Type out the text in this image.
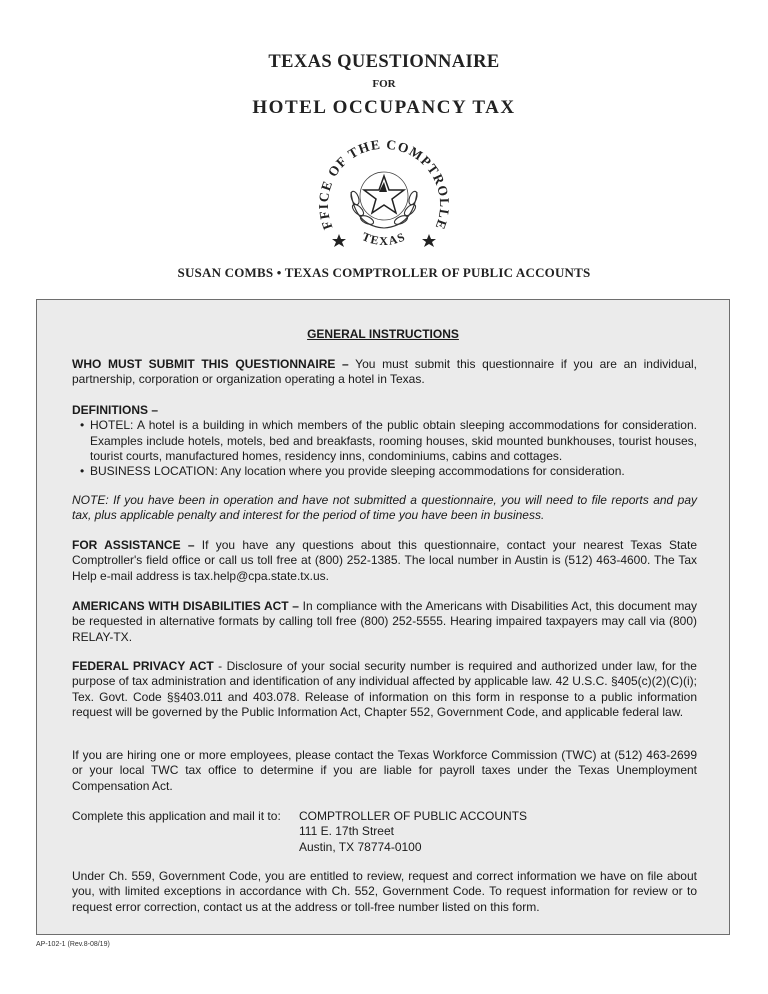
TEXAS QUESTIONNAIRE
FOR
HOTEL OCCUPANCY TAX
FFICE OF THE COMPTROLLE
TEXAS
SUSAN COMBS • TEXAS COMPTROLLER OF PUBLIC ACCOUNTS
GENERAL INSTRUCTIONS
WHO MUST SUBMIT THIS QUESTIONNAIRE – You must submit this questionnaire if you are an individual, partnership, corporation or organization operating a hotel in Texas.
DEFINITIONS –
• HOTEL: A hotel is a building in which members of the public obtain sleeping accommodations for consideration. Examples include hotels, motels, bed and breakfasts, rooming houses, skid mounted bunkhouses, tourist houses, tourist courts, manufactured homes, residency inns, condominiums, cabins and cottages.
• BUSINESS LOCATION: Any location where you provide sleeping accommodations for consideration.
NOTE: If you have been in operation and have not submitted a questionnaire, you will need to file reports and pay tax, plus applicable penalty and interest for the period of time you have been in business.
FOR ASSISTANCE – If you have any questions about this questionnaire, contact your nearest Texas State Comptroller's field office or call us toll free at (800) 252-1385. The local number in Austin is (512) 463-4600. The Tax Help e-mail address is tax.help@cpa.state.tx.us.
AMERICANS WITH DISABILITIES ACT – In compliance with the Americans with Disabilities Act, this document may be requested in alternative formats by calling toll free (800) 252-5555. Hearing impaired taxpayers may call via (800) RELAY-TX.
FEDERAL PRIVACY ACT - Disclosure of your social security number is required and authorized under law, for the purpose of tax administration and identification of any individual affected by applicable law. 42 U.S.C. §405(c)(2)(C)(i); Tex. Govt. Code §§403.011 and 403.078. Release of information on this form in response to a public information request will be governed by the Public Information Act, Chapter 552, Government Code, and applicable federal law.
If you are hiring one or more employees, please contact the Texas Workforce Commission (TWC) at (512) 463-2699 or your local TWC tax office to determine if you are liable for payroll taxes under the Texas Unemployment Compensation Act.
Complete this application and mail it to: COMPTROLLER OF PUBLIC ACCOUNTS
111 E. 17th Street
Austin, TX 78774-0100
Under Ch. 559, Government Code, you are entitled to review, request and correct information we have on file about you, with limited exceptions in accordance with Ch. 552, Government Code. To request information for review or to request error correction, contact us at the address or toll-free number listed on this form.
AP-102-1 (Rev.8-08/19)
